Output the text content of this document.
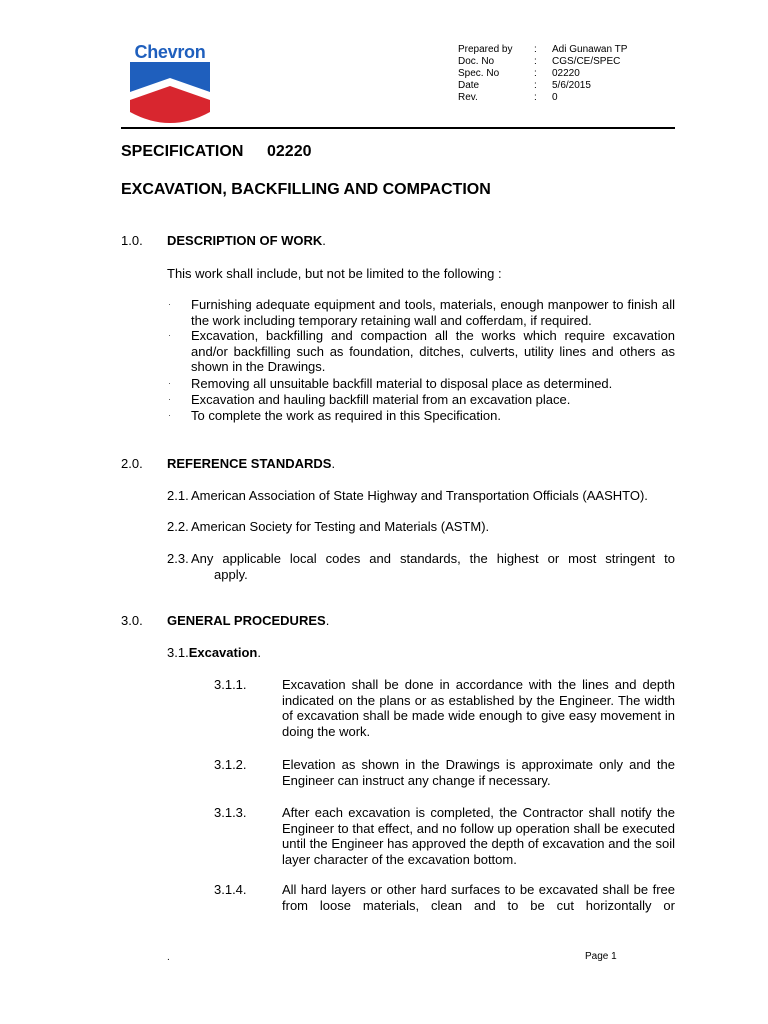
Chevron	Prepared by : Adi Gunawan TP
Doc. No	: CGS/CE/SPEC
Spec. No	: 02220
Date	: 5/6/2015
Rev.	: 0
SPECIFICATION 02220
EXCAVATION, BACKFILLING AND COMPACTION
1.0. DESCRIPTION OF WORK.
This work shall include, but not be limited to the following :
· Furnishing adequate equipment and tools, materials, enough manpower to finish all the work including temporary retaining wall and cofferdam, if required.
· Excavation, backfilling and compaction all the works which require excavation and/or backfilling such as foundation, ditches, culverts, utility lines and others as shown in the Drawings.
· Removing all unsuitable backfill material to disposal place as determined.
· Excavation and hauling backfill material from an excavation place.
· To complete the work as required in this Specification.
2.0. REFERENCE STANDARDS.
2.1. American Association of State Highway and Transportation Officials (AASHTO).
2.2. American Society for Testing and Materials (ASTM).
2.3. Any applicable local codes and standards, the highest or most stringent to
apply.
3.0. GENERAL PROCEDURES.
3.1.Excavation.
3.1.1.	Excavation shall be done in accordance with the lines and depth indicated on the plans or as established by the Engineer. The width of excavation shall be made wide enough to give easy movement in doing the work.
3.1.2.	Elevation as shown in the Drawings is approximate only and the Engineer can instruct any change if necessary.
3.1.3.	After each excavation is completed, the Contractor shall notify the Engineer to that effect, and no follow up operation shall be executed until the Engineer has approved the depth of excavation and the soil layer character of the excavation bottom.
3.1.4.	All hard layers or other hard surfaces to be excavated shall be free from loose materials, clean and to be cut horizontally or
.	Page 1
